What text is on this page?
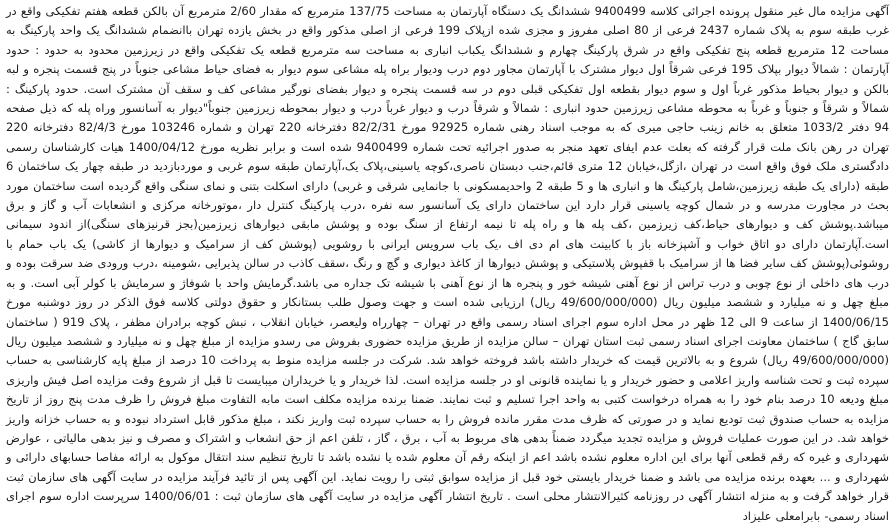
آگهی مزایده مال غیر منقول پرونده اجرائی کلاسه 9400499 ششدانگ یک دستگاه آپارتمان به مساحت 137/75 مترمربع که مقدار 2/60 مترمربع آن بالکن قطعه هفتم تفکیکی واقع در غرب طبقه سوم به پلاک شماره 2437 فرعی از 80 اصلی مفروز و مجزی شده ازپلاک 199 فرعی از اصلی مذکور واقع در بخش یازده تهران باانضمام ششدانگ یک واحد پارکینگ به مساحت 12 مترمربع قطعه پنج تفکیکی واقع در شرق پارکینگ چهارم و ششدانگ یکباب انباری به مساحت سه مترمربع قطعه یک تفکیکی واقع در زیرزمین محدود به حدود : حدود آپارتمان : شمالاً دیوار بپلاک 195 فرعی شرقاً اول دیوار مشترک با آپارتمان مجاور دوم درب ودیوار براه پله مشاعی سوم دیوار به فضای حیاط مشاعی جنوباً در پنج قسمت پنجره و لبه بالکن و دیوار بحیاط مذکور غرباً اول و سوم دیوار بقطعه اول تفکیکی قبلی دوم در سه قسمت پنجره و دیوار بفضای نورگیر مشاعی کف و سقف آن مشترک است. حدود پارکینگ : شمالاً و شرقاً و جنوباً و غرباً به محوطه مشاعی زیرزمین حدود انباری : شمالاً و شرقاً درب و دیوار غرباً درب و دیوار بمحوطه زیرزمین جنوباً"دیوار به آسانسور وراه پله که ذیل صفحه 94 دفتر 1033/2 متعلق به خانم زینب حاجی میری که به موجب اسناد رهنی شماره 92925 مورخ 82/2/31 دفترخانه 220 تهران و شماره 103246 مورخ 82/4/3 دفترخانه 220 تهران در رهن بانک ملت قرار گرفته که بعلت عدم ایفای تعهد منجر به صدور اجرائیه تحت شماره 9400499 شده است و برابر نظریه مورخ 1400/04/12 هیات کارشناسان رسمی دادگستری ملک فوق واقع است در تهران ،ازگل،خیابان 12 متری قائم،جنب دبستان ناصری،کوچه یاسینی،پلاک یک،آپارتمان طبقه سوم غربی و موردبازدید در طبقه چهار یک ساختمان 6 طبقه (دارای یک طبقه زیرزمین،شامل پارکینگ ها و انباری ها و 5 طبقه 2 واحدیمسکونی با جانمایی شرقی و غربی) دارای اسکلت بتنی و نمای سنگی واقع گردیده است ساختمان مورد بحث در مجاورت مدرسه و در شمال کوچه یاسینی قرار دارد این ساختمان دارای یک آسانسور سه نفره ،درب پارکینگ کنترل دار ،موتورخانه مرکزی و انشعابات آب و گاز و برق میباشد.پوشش کف و دیوارهای حیاط،کف زیرزمین ،کف پله ها و راه پله تا نیمه ارتفاع از سنگ بوده و پوشش مابقی دیوارهای زیرزمین(بجز قرنیزهای سنگی)از اندود سیمانی است.آپارتمان دارای دو اتاق خواب و آشپزخانه باز با کابینت های ام دی اف ،یک باب سرویس ایرانی با روشویی (پوشش کف از سرامیک و دیوارها از کاشی) یک باب حمام با روشوئی(پوشش کف سایر فضا ها از سرامیک با قفپوش پلاستیکی و پوشش دیوارها از کاغذ دیواری و گچ و رنگ ،سقف کاذب در سالن پذیرایی ،شومینه ،درب ورودی ضد سرقت بوده و درب های داخلی از نوع چوبی و درب تراس از نوع آهنی شیشه خور و پنجره ها از نوع آهنی با شیشه تک جداره می باشد.گرمایش واحد با شوفاژ و سرمایش با کولر آبی است. و به مبلغ چهل و نه میلیارد و ششصد میلیون ریال (49/600/000/000 ریال) ارزیابی شده است و جهت وصول طلب بستانکار و حقوق دولتی کلاسه فوق الذکر در روز دوشنبه مورخ 1400/06/15 از ساعت 9 الی 12 ظهر در محل اداره سوم اجرای اسناد رسمی واقع در تهران – چهارراه ولیعصر، خیابان انقلاب ، نبش کوچه برادران مظفر ، پلاک 919 ( ساختمان سابق گاج ) ساختمان معاونت اجرای اسناد رسمی ثبت استان تهران – سالن مزایده از طریق مزایده حضوری بفروش می رسدو مزایده از مبلغ چهل و نه میلیارد و ششصد میلیون ریال (49/600/000/000 ریال) شروع و به بالاترین قیمت که خریدار داشته باشد فروخته خواهد شد. شرکت در جلسه مزایده منوط به پرداخت 10 درصد از مبلغ پایه کارشناسی به حساب سپرده ثبت و تحت شناسه واریز اعلامی و حضور خریدار و یا نماینده قانونی او در جلسه مزایده است. لذا خریدار و یا خریداران میبایست تا قبل از شروع وقت مزایده اصل فیش واریزی مبلغ ودیعه 10 درصد بنام خود را به همراه درخواست کتبی به واحد اجرا تسلیم و ثبت نمایند. ضمنا برنده مزایده مکلف است مابه التفاوت مبلغ فروش را ظرف مدت پنج روز از تاریخ مزایده به حساب صندوق ثبت تودیع نماید و در صورتی که ظرف مدت مقرر مانده فروش را به حساب سپرده ثبت واریز نکند ، مبلغ مذکور قابل استرداد نبوده و به حساب خزانه واریز خواهد شد. در این صورت عملیات فروش و مزایده تجدید میگردد ضمناً بدهی های مربوط به آب ، برق ، گاز ، تلفن اعم از حق انشعاب و اشتراک و مصرف و نیز بدهی مالیاتی ، عوارض شهرداری و غیره که رقم قطعی آنها برای این اداره معلوم نشده باشد اعم از اینکه رقم آن معلوم شده یا نشده باشد تا تاریخ تنظیم سند انتقال موکول به ارائه مفاصا حسابهای دارائی و شهرداری و ... بعهده برنده مزایده می باشد و ضمنا خریدار بایستی خود قبل از مزایده سوابق ثبتی را رویت نماید. این آگهی پس از تائید فرآیند مزایده در سایت آگهی های سازمان ثبت قرار خواهد گرفت و به منزله انتشار آگهی در روزنامه کثیرالانتشار محلی است . تاریخ انتشار آگهی مزایده در سایت آگهی های سازمان ثبت : 1400/06/01 سرپرست اداره سوم اجرای اسناد رسمی- بابرامعلی علیزاد
